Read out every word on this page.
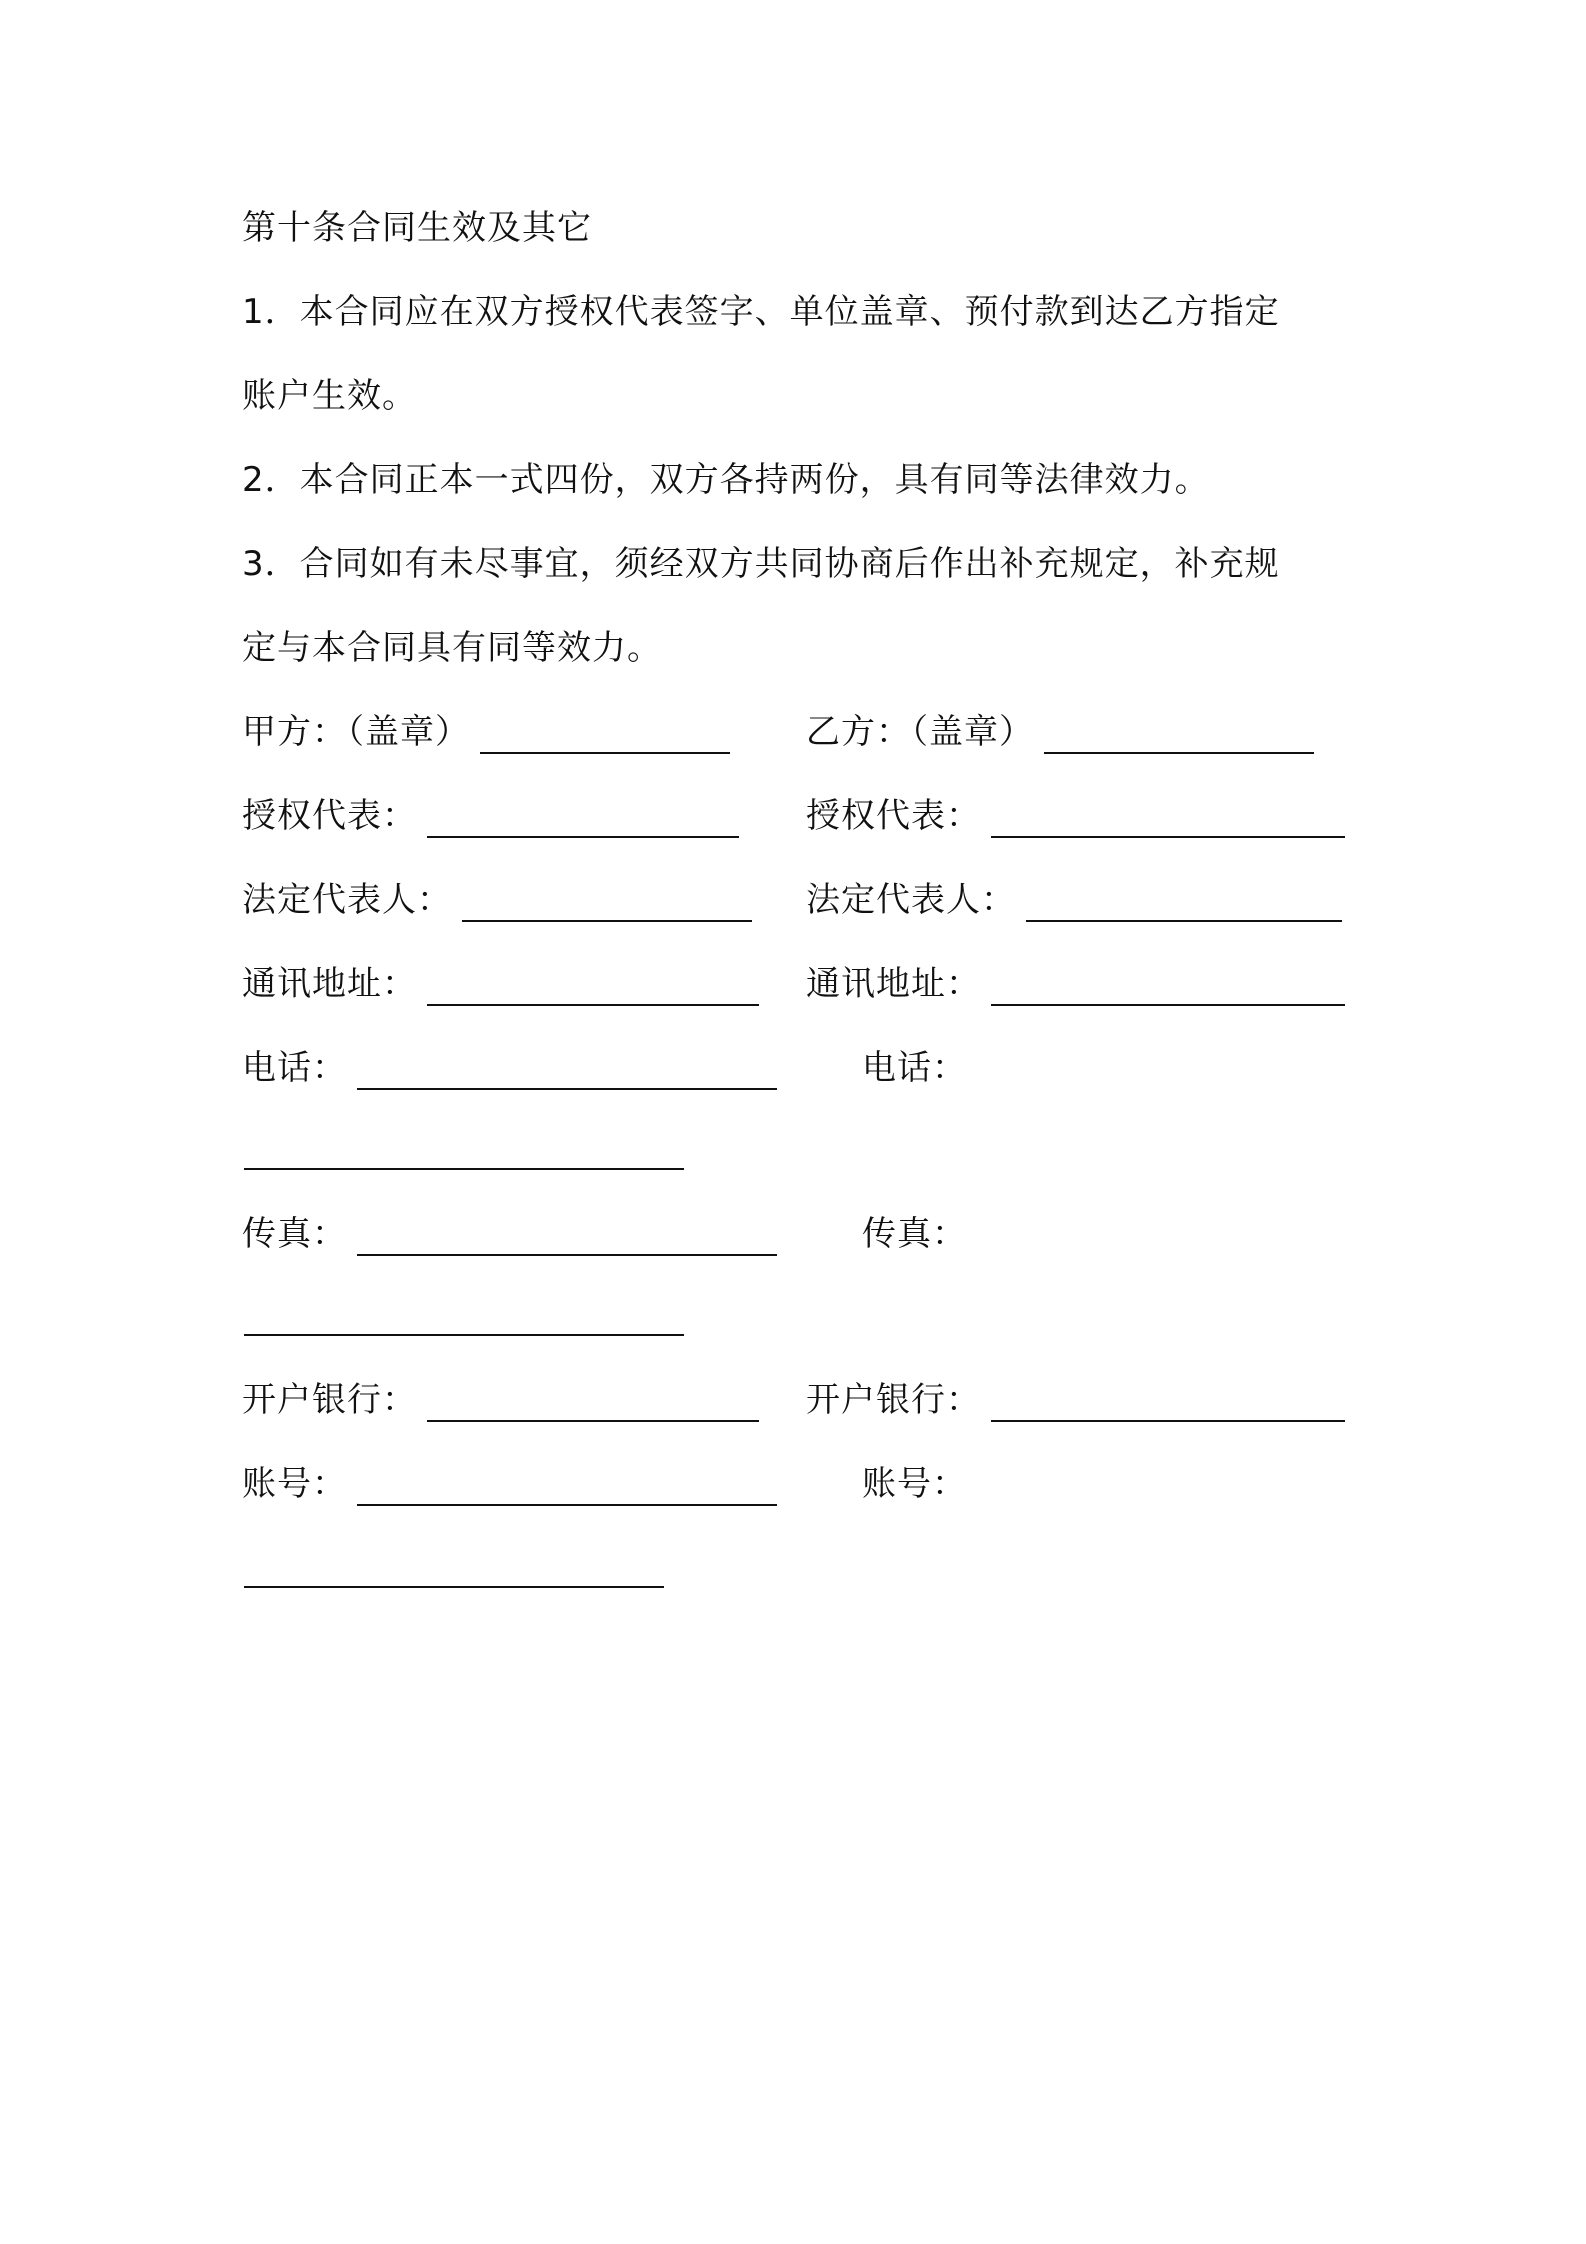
第十条合同生效及其它
1．本合同应在双方授权代表签字、单位盖章、预付款到达乙方指定
账户生效。
2．本合同正本一式四份，双方各持两份，具有同等法律效力。
3．合同如有未尽事宜，须经双方共同协商后作出补充规定，补充规
定与本合同具有同等效力。
甲方：（盖章）	乙方：（盖章）
授权代表：	授权代表：
法定代表人：	法定代表人：
通讯地址：	通讯地址：
电话：	电话：
传真：	传真：
开户银行：	开户银行：
账号：	账号：
